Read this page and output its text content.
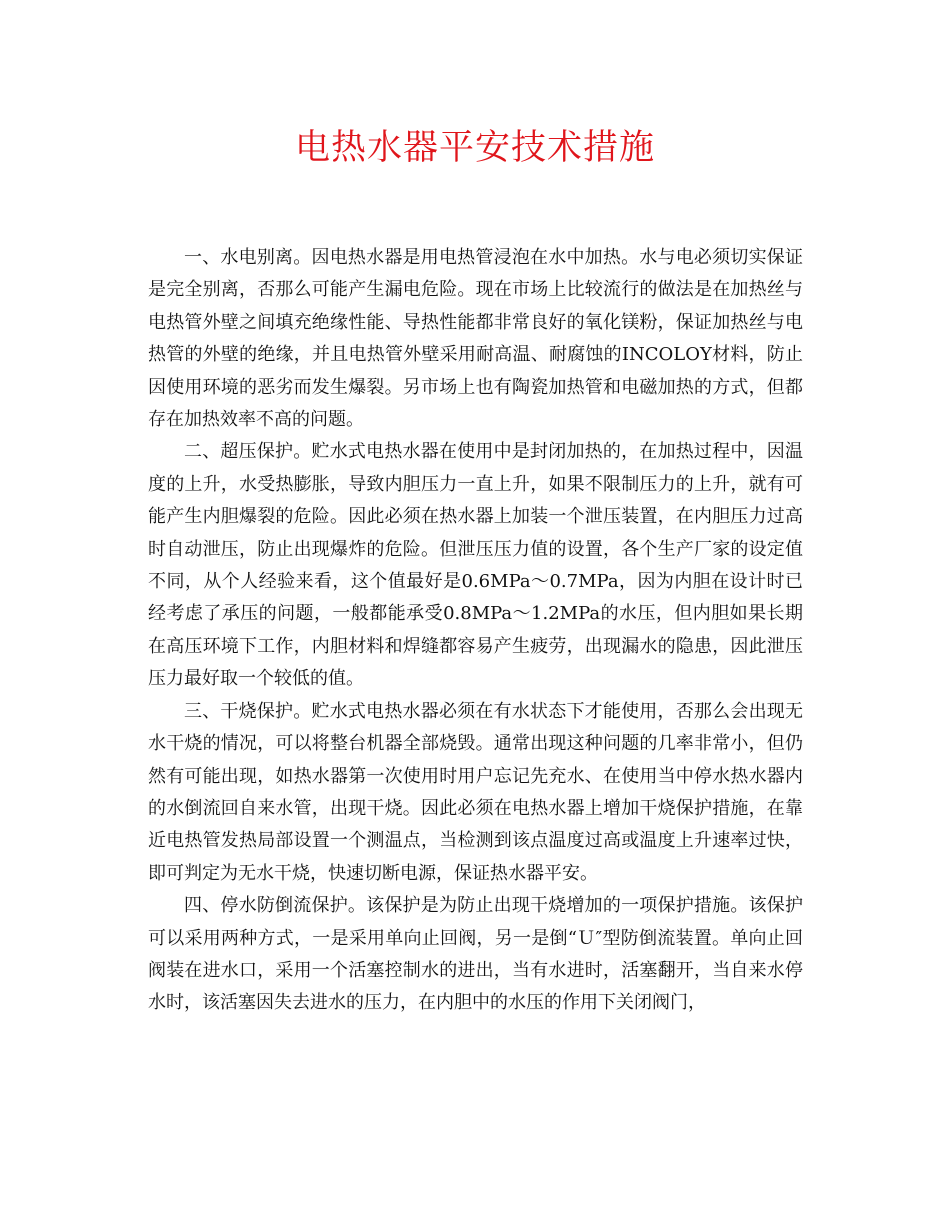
电热水器平安技术措施

一、水电别离。因电热水器是用电热管浸泡在水中加热。水与电必须切实保证是完全别离，否那么可能产生漏电危险。现在市场上比较流行的做法是在加热丝与电热管外壁之间填充绝缘性能、导热性能都非常良好的氧化镁粉，保证加热丝与电热管的外壁的绝缘，并且电热管外壁采用耐高温、耐腐蚀的INCOLOY材料，防止因使用环境的恶劣而发生爆裂。另市场上也有陶瓷加热管和电磁加热的方式，但都存在加热效率不高的问题。

二、超压保护。贮水式电热水器在使用中是封闭加热的，在加热过程中，因温度的上升，水受热膨胀，导致内胆压力一直上升，如果不限制压力的上升，就有可能产生内胆爆裂的危险。因此必须在热水器上加装一个泄压装置，在内胆压力过高时自动泄压，防止出现爆炸的危险。但泄压压力值的设置，各个生产厂家的设定值不同，从个人经验来看，这个值最好是0.6MPa～0.7MPa，因为内胆在设计时已经考虑了承压的问题，一般都能承受0.8MPa～1.2MPa的水压，但内胆如果长期在高压环境下工作，内胆材料和焊缝都容易产生疲劳，出现漏水的隐患，因此泄压压力最好取一个较低的值。

三、干烧保护。贮水式电热水器必须在有水状态下才能使用，否那么会出现无水干烧的情况，可以将整台机器全部烧毁。通常出现这种问题的几率非常小，但仍然有可能出现，如热水器第一次使用时用户忘记先充水、在使用当中停水热水器内的水倒流回自来水管，出现干烧。因此必须在电热水器上增加干烧保护措施，在靠近电热管发热局部设置一个测温点，当检测到该点温度过高或温度上升速率过快，即可判定为无水干烧，快速切断电源，保证热水器平安。

四、停水防倒流保护。该保护是为防止出现干烧增加的一项保护措施。该保护可以采用两种方式，一是采用单向止回阀，另一是倒“Ｕ″型防倒流装置。单向止回阀装在进水口，采用一个活塞控制水的进出，当有水进时，活塞翻开，当自来水停水时，该活塞因失去进水的压力，在内胆中的水压的作用下关闭阀门，
